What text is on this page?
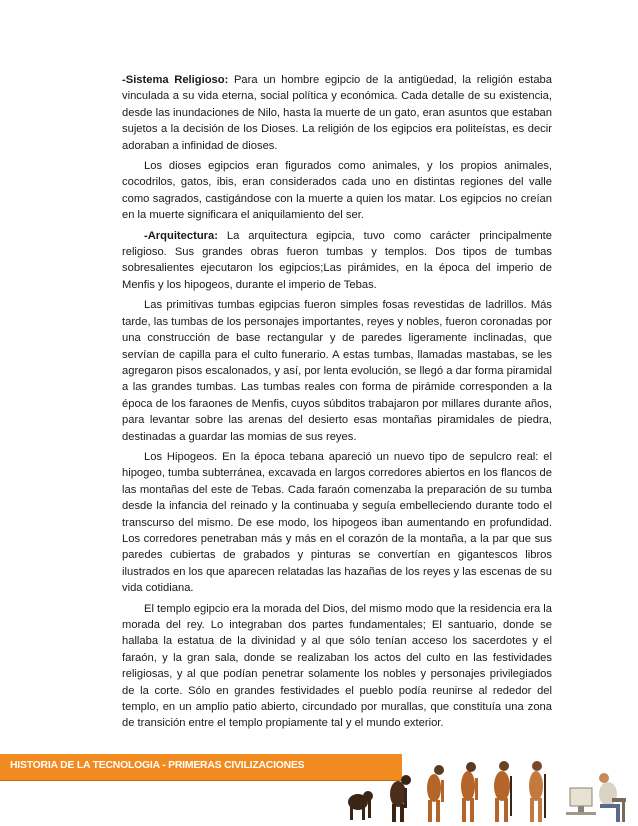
-Sistema Religioso: Para un hombre egipcio de la antigüedad, la religión estaba vinculada a su vida eterna, social política y económica. Cada detalle de su existencia, desde las inundaciones de Nilo, hasta la muerte de un gato, eran asuntos que estaban sujetos a la decisión de los Dioses. La religión de los egipcios era politeístas, es decir adoraban a infinidad de dioses.

Los dioses egipcios eran figurados como animales, y los propios animales, cocodrilos, gatos, ibis, eran considerados cada uno en distintas regiones del valle como sagrados, castigándose con la muerte a quien los matar. Los egipcios no creían en la muerte significara el aniquilamiento del ser.

-Arquitectura: La arquitectura egipcia, tuvo como carácter principalmente religioso. Sus grandes obras fueron tumbas y templos. Dos tipos de tumbas sobresalientes ejecutaron los egipcios;Las pirámides, en la época del imperio de Menfis y los hipogeos, durante el imperio de Tebas.

Las primitivas tumbas egipcias fueron simples fosas revestidas de ladrillos. Más tarde, las tumbas de los personajes importantes, reyes y nobles, fueron coronadas por una construcción de base rectangular y de paredes ligeramente inclinadas, que servían de capilla para el culto funerario. A estas tumbas, llamadas mastabas, se les agregaron pisos escalonados, y así, por lenta evolución, se llegó a dar forma piramidal a las grandes tumbas. Las tumbas reales con forma de pirámide corresponden a la época de los faraones de Menfis, cuyos súbditos trabajaron por millares durante años, para levantar sobre las arenas del desierto esas montañas piramidales de piedra, destinadas a guardar las momias de sus reyes.

Los Hipogeos. En la época tebana apareció un nuevo tipo de sepulcro real: el hipogeo, tumba subterránea, excavada en largos corredores abiertos en los flancos de las montañas del este de Tebas. Cada faraón comenzaba la preparación de su tumba desde la infancia del reinado y la continuaba y seguía embelleciendo durante todo el transcurso del mismo. De ese modo, los hipogeos iban aumentando en profundidad. Los corredores penetraban más y más en el corazón de la montaña, a la par que sus paredes cubiertas de grabados y pinturas se convertían en gigantescos libros ilustrados en los que aparecen relatadas las hazañas de los reyes y las escenas de su vida cotidiana.

El templo egipcio era la morada del Dios, del mismo modo que la residencia era la morada del rey. Lo integraban dos partes fundamentales; El santuario, donde se hallaba la estatua de la divinidad y al que sólo tenían acceso los sacerdotes y el faraón, y la gran sala, donde se realizaban los actos del culto en las festividades religiosas, y al que podían penetrar solamente los nobles y personajes privilegiados de la corte. Sólo en grandes festividades el pueblo podía reunirse al rededor del templo, en un amplio patio abierto, circundado por murallas, que constituía una zona de transición entre el templo propiamente tal y el mundo exterior.

HISTORIA DE LA TECNOLOGIA - PRIMERAS CIVILIZACIONES
